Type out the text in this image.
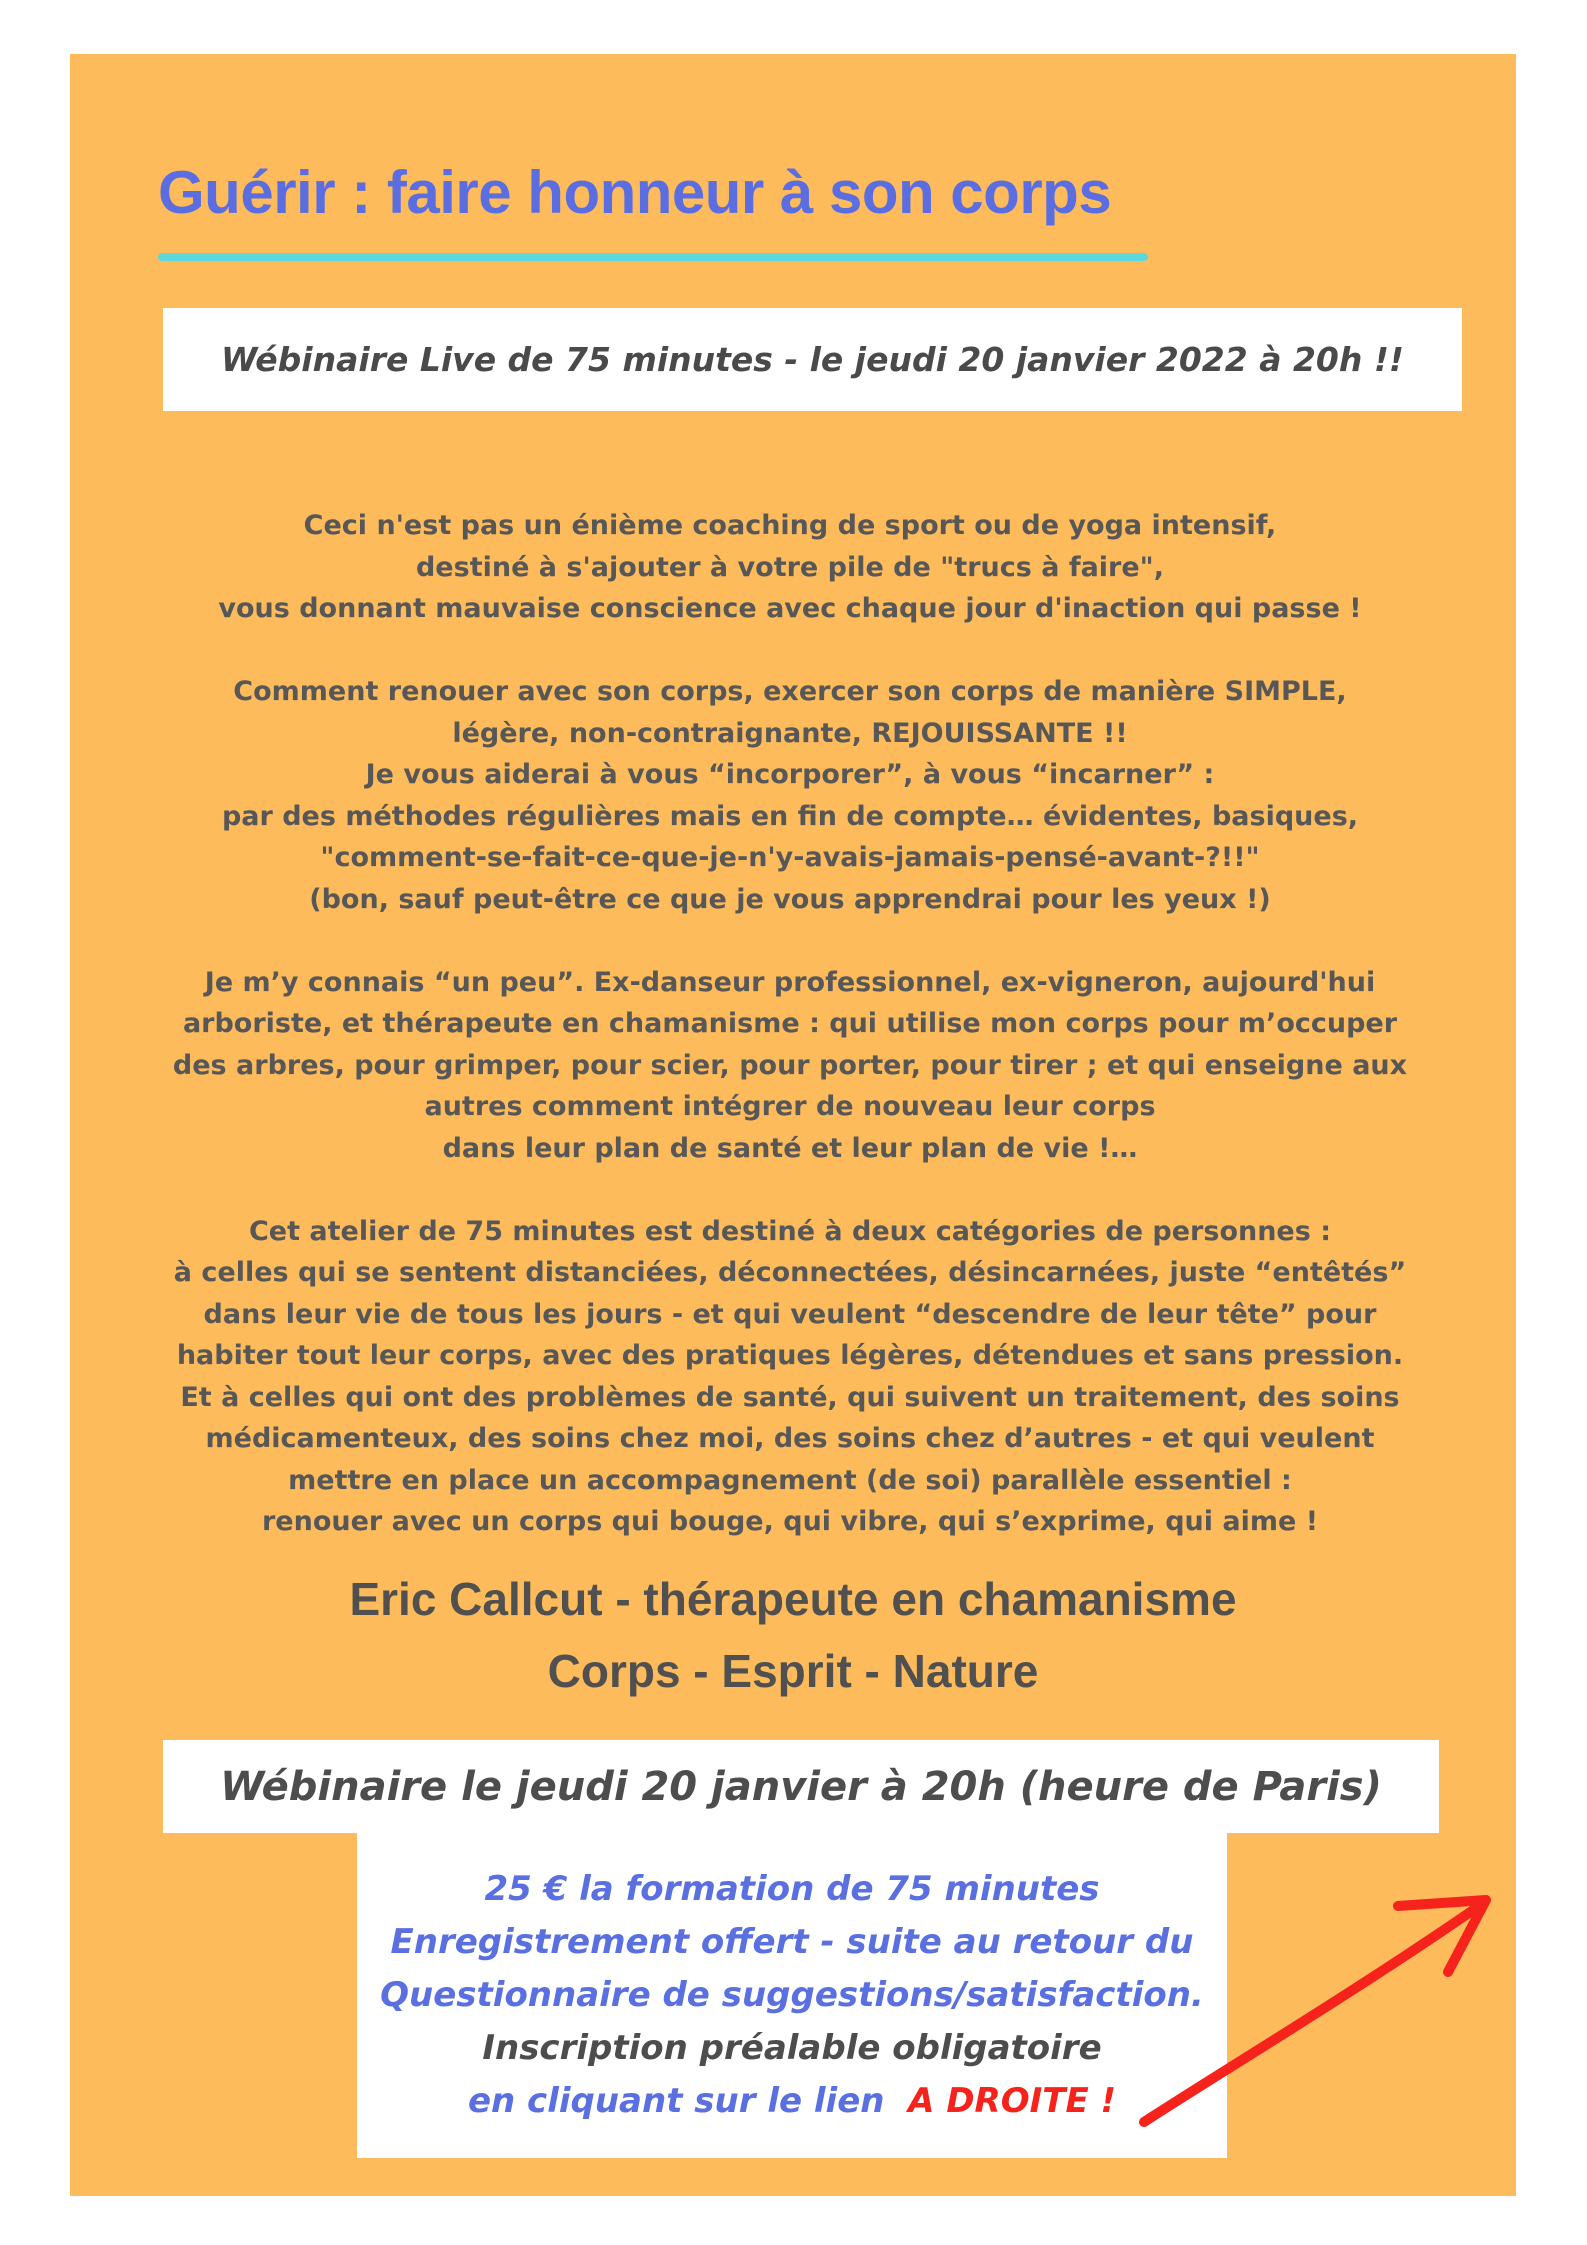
Guérir : faire honneur à son corps
Wébinaire Live de 75 minutes - le jeudi 20 janvier 2022 à 20h !!
Ceci n'est pas un énième coaching de sport ou de yoga intensif,
destiné à s'ajouter à votre pile de "trucs à faire",
vous donnant mauvaise conscience avec chaque jour d'inaction qui passe !
Comment renouer avec son corps, exercer son corps de manière SIMPLE,
légère, non-contraignante, REJOUISSANTE !!
Je vous aiderai à vous “incorporer”, à vous “incarner” :
par des méthodes régulières mais en fin de compte… évidentes, basiques,
"comment-se-fait-ce-que-je-n'y-avais-jamais-pensé-avant-?!!"
(bon, sauf peut-être ce que je vous apprendrai pour les yeux !)
Je m’y connais “un peu”. Ex-danseur professionnel, ex-vigneron, aujourd'hui
arboriste, et thérapeute en chamanisme : qui utilise mon corps pour m’occuper
des arbres, pour grimper, pour scier, pour porter, pour tirer ; et qui enseigne aux
autres comment intégrer de nouveau leur corps
dans leur plan de santé et leur plan de vie !…
Cet atelier de 75 minutes est destiné à deux catégories de personnes :
à celles qui se sentent distanciées, déconnectées, désincarnées, juste “entêtés”
dans leur vie de tous les jours - et qui veulent “descendre de leur tête” pour
habiter tout leur corps, avec des pratiques légères, détendues et sans pression.
Et à celles qui ont des problèmes de santé, qui suivent un traitement, des soins
médicamenteux, des soins chez moi, des soins chez d’autres - et qui veulent
mettre en place un accompagnement (de soi) parallèle essentiel :
renouer avec un corps qui bouge, qui vibre, qui s’exprime, qui aime !
Eric Callcut - thérapeute en chamanisme
Corps - Esprit - Nature
Wébinaire le jeudi 20 janvier à 20h (heure de Paris)
25 € la formation de 75 minutes
Enregistrement offert - suite au retour du
Questionnaire de suggestions/satisfaction.
Inscription préalable obligatoire
en cliquant sur le lien A DROITE !
